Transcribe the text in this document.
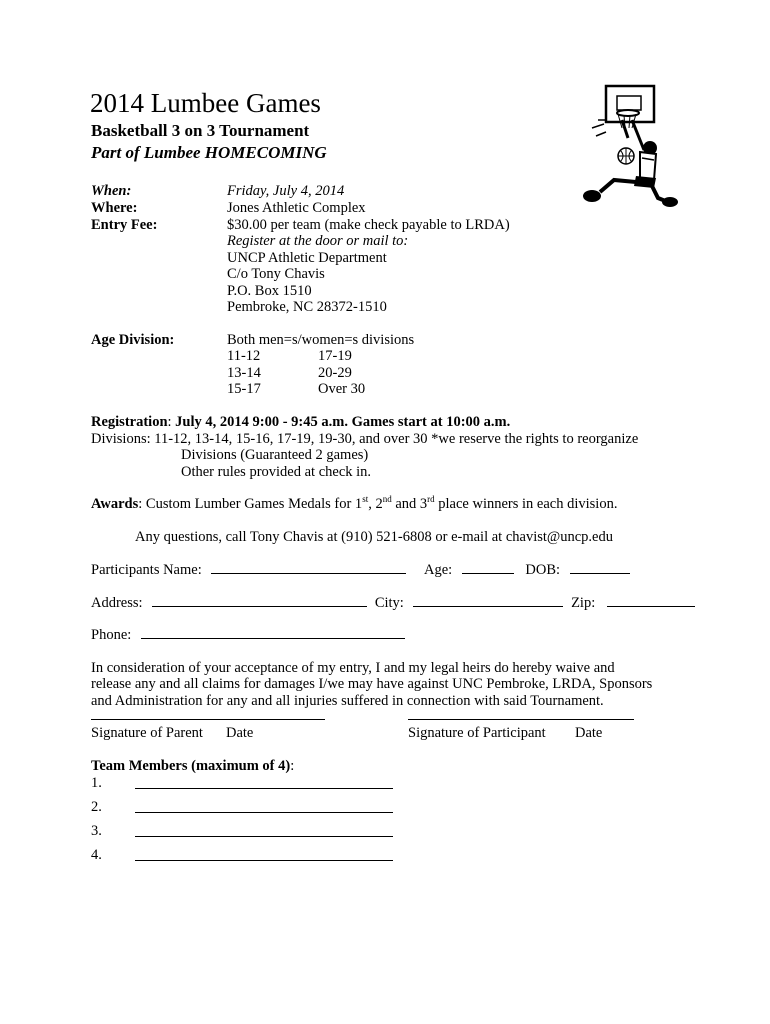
2014 Lumbee Games
Basketball 3 on 3 Tournament
Part of Lumbee HOMECOMING
When:	Friday, July 4, 2014
Where:	Jones Athletic Complex
Entry Fee:	$30.00 per team (make check payable to LRDA)
Register at the door or mail to:
UNCP Athletic Department
C/o Tony Chavis
P.O. Box 1510
Pembroke, NC 28372-1510
Age Division:	Both men=s/women=s divisions
11-12	17-19
13-14	20-29
15-17	Over 30
Registration: July 4, 2014 9:00 - 9:45 a.m. Games start at 10:00 a.m.
Divisions: 11-12, 13-14, 15-16, 17-19, 19-30, and over 30 *we reserve the rights to reorganize
Divisions (Guaranteed 2 games)
Other rules provided at check in.
Awards: Custom Lumber Games Medals for 1st, 2nd and 3rd place winners in each division.
Any questions, call Tony Chavis at (910) 521-6808 or e-mail at chavist@uncp.edu
Participants Name:	Age:	DOB:
Address:	City:	Zip:
Phone:
In consideration of your acceptance of my entry, I and my legal heirs do hereby waive and
release any and all claims for damages I/we may have against UNC Pembroke, LRDA, Sponsors
and Administration for any and all injuries suffered in connection with said Tournament.
Signature of Parent Date	Signature of Participant Date
Team Members (maximum of 4):
1.
2.
3.
4.
